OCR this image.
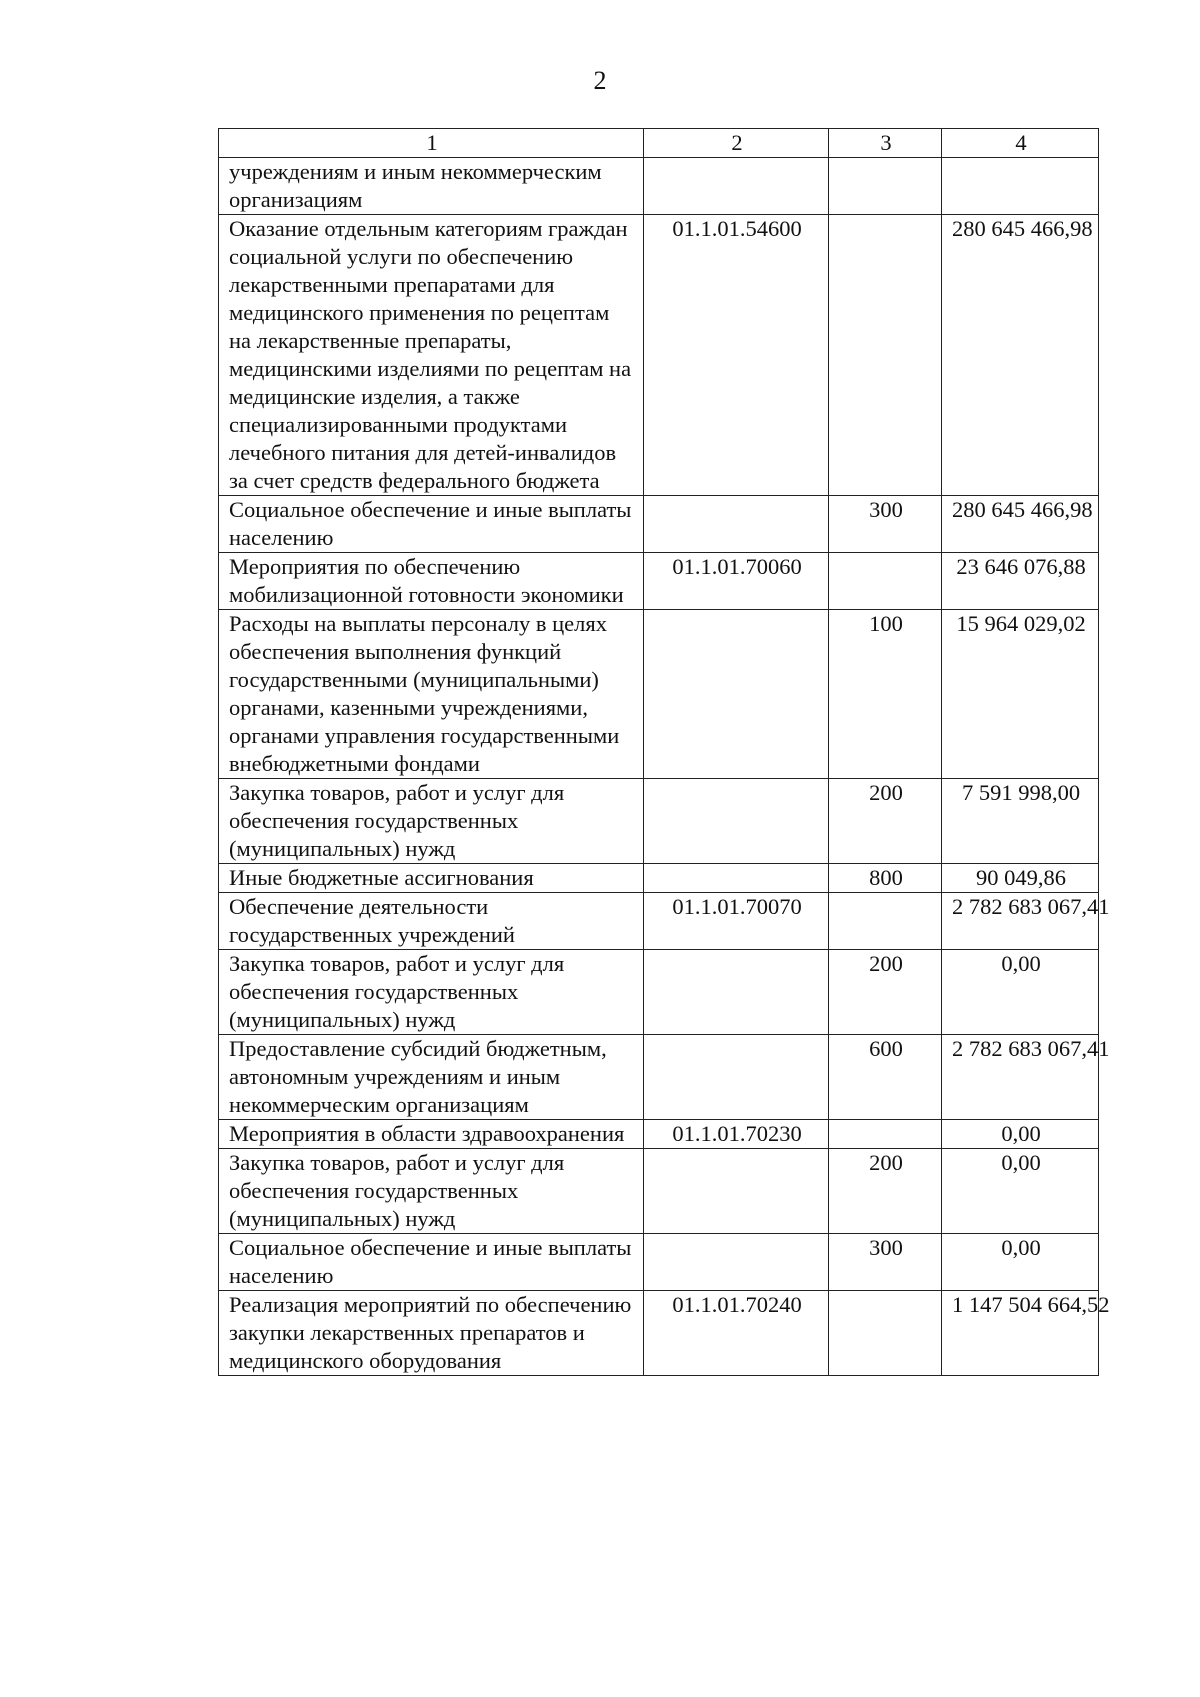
2
1	2	3	4
учреждениям и иным некоммерческим организациям			
Оказание отдельным категориям граждан социальной услуги по обеспечению лекарственными препаратами для медицинского применения по рецептам на лекарственные препараты, медицинскими изделиями по рецептам на медицинские изделия, а также специализированными продуктами лечебного питания для детей-инвалидов за счет средств федерального бюджета	01.1.01.54600		280 645 466,98
Социальное обеспечение и иные выплаты населению		300	280 645 466,98
Мероприятия по обеспечению мобилизационной готовности экономики	01.1.01.70060		23 646 076,88
Расходы на выплаты персоналу в целях обеспечения выполнения функций государственными (муниципальными) органами, казенными учреждениями, органами управления государственными внебюджетными фондами		100	15 964 029,02
Закупка товаров, работ и услуг для обеспечения государственных (муниципальных) нужд		200	7 591 998,00
Иные бюджетные ассигнования		800	90 049,86
Обеспечение деятельности государственных учреждений	01.1.01.70070		2 782 683 067,41
Закупка товаров, работ и услуг для обеспечения государственных (муниципальных) нужд		200	0,00
Предоставление субсидий бюджетным, автономным учреждениям и иным некоммерческим организациям		600	2 782 683 067,41
Мероприятия в области здравоохранения	01.1.01.70230		0,00
Закупка товаров, работ и услуг для обеспечения государственных (муниципальных) нужд		200	0,00
Социальное обеспечение и иные выплаты населению		300	0,00
Реализация мероприятий по обеспечению закупки лекарственных препаратов и медицинского оборудования	01.1.01.70240		1 147 504 664,52
